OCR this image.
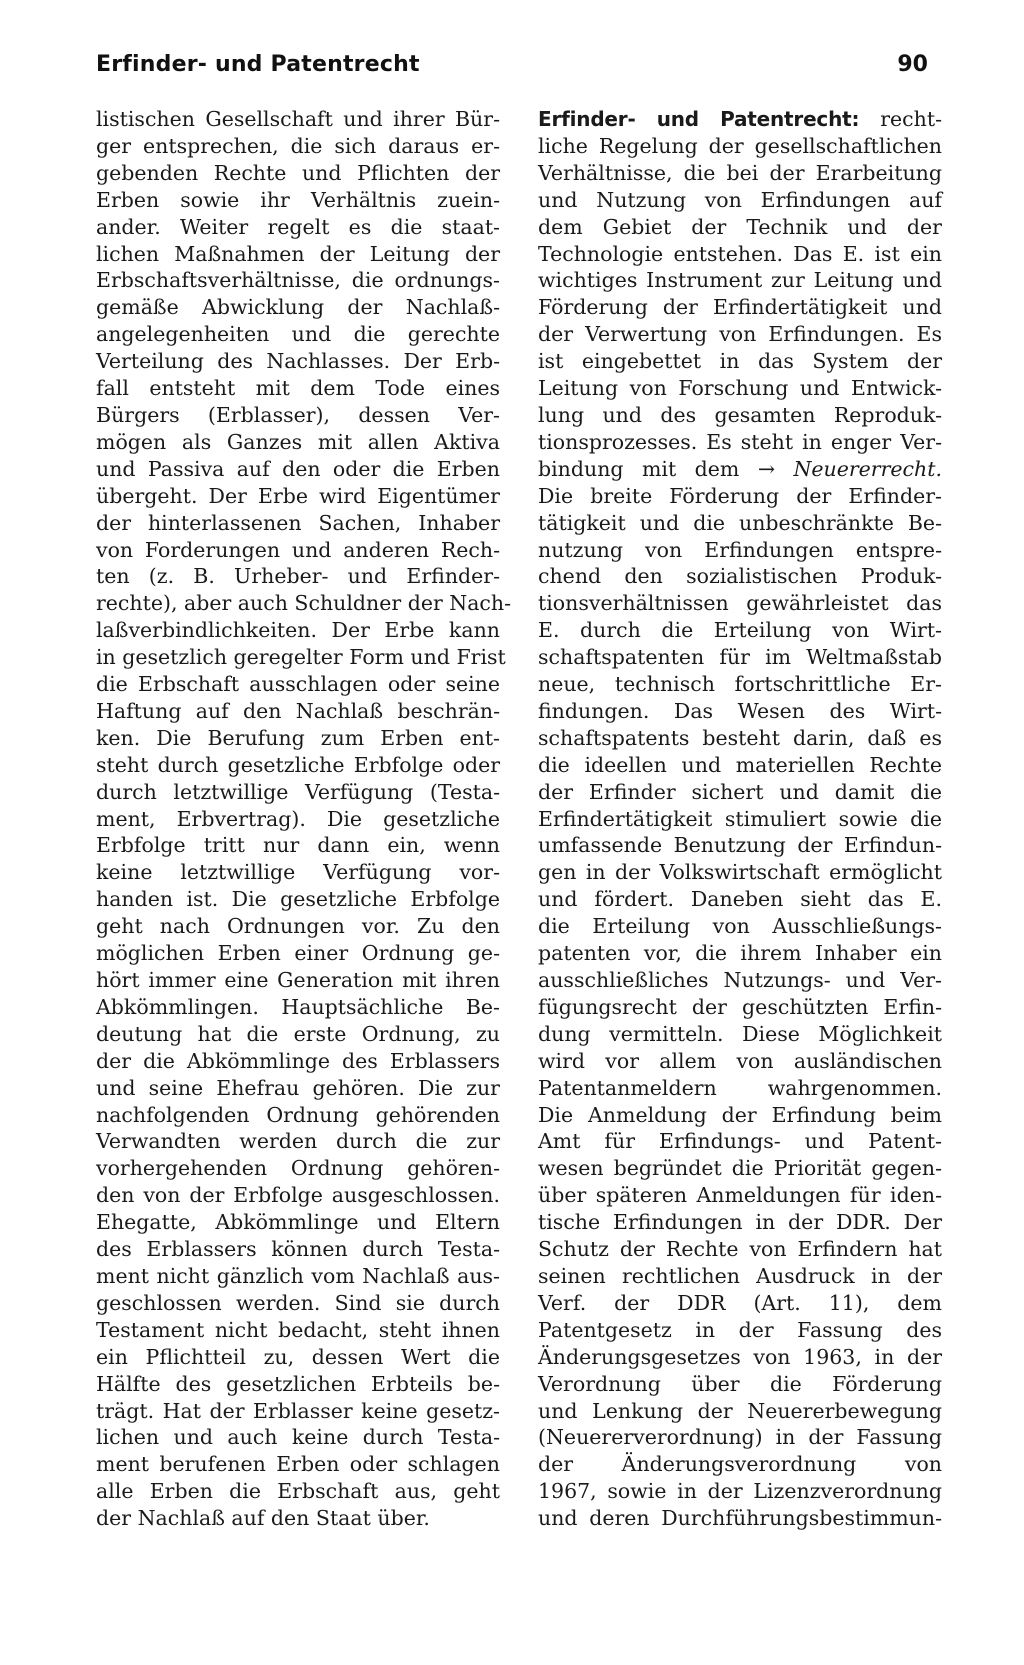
Erfinder- und Patentrecht	90
listischen Gesellschaft und ihrer Bür-
ger entsprechen, die sich daraus er-
gebenden Rechte und Pflichten der
Erben sowie ihr Verhältnis zuein-
ander. Weiter regelt es die staat-
lichen Maßnahmen der Leitung der
Erbschaftsverhältnisse, die ordnungs-
gemäße Abwicklung der Nachlaß-
angelegenheiten und die gerechte
Verteilung des Nachlasses. Der Erb-
fall entsteht mit dem Tode eines
Bürgers (Erblasser), dessen Ver-
mögen als Ganzes mit allen Aktiva
und Passiva auf den oder die Erben
übergeht. Der Erbe wird Eigentümer
der hinterlassenen Sachen, Inhaber
von Forderungen und anderen Rech-
ten (z. B. Urheber- und Erfinder-
rechte), aber auch Schuldner der Nach-
laßverbindlichkeiten. Der Erbe kann
in gesetzlich geregelter Form und Frist
die Erbschaft ausschlagen oder seine
Haftung auf den Nachlaß beschrän-
ken. Die Berufung zum Erben ent-
steht durch gesetzliche Erbfolge oder
durch letztwillige Verfügung (Testa-
ment, Erbvertrag). Die gesetzliche
Erbfolge tritt nur dann ein, wenn
keine letztwillige Verfügung vor-
handen ist. Die gesetzliche Erbfolge
geht nach Ordnungen vor. Zu den
möglichen Erben einer Ordnung ge-
hört immer eine Generation mit ihren
Abkömmlingen. Hauptsächliche Be-
deutung hat die erste Ordnung, zu
der die Abkömmlinge des Erblassers
und seine Ehefrau gehören. Die zur
nachfolgenden Ordnung gehörenden
Verwandten werden durch die zur
vorhergehenden Ordnung gehören-
den von der Erbfolge ausgeschlossen.
Ehegatte, Abkömmlinge und Eltern
des Erblassers können durch Testa-
ment nicht gänzlich vom Nachlaß aus-
geschlossen werden. Sind sie durch
Testament nicht bedacht, steht ihnen
ein Pflichtteil zu, dessen Wert die
Hälfte des gesetzlichen Erbteils be-
trägt. Hat der Erblasser keine gesetz-
lichen und auch keine durch Testa-
ment berufenen Erben oder schlagen
alle Erben die Erbschaft aus, geht
der Nachlaß auf den Staat über.
Erfinder- und Patentrecht: recht-
liche Regelung der gesellschaftlichen
Verhältnisse, die bei der Erarbeitung
und Nutzung von Erfindungen auf
dem Gebiet der Technik und der
Technologie entstehen. Das E. ist ein
wichtiges Instrument zur Leitung und
Förderung der Erfindertätigkeit und
der Verwertung von Erfindungen. Es
ist eingebettet in das System der
Leitung von Forschung und Entwick-
lung und des gesamten Reproduk-
tionsprozesses. Es steht in enger Ver-
bindung mit dem → Neuererrecht.
Die breite Förderung der Erfinder-
tätigkeit und die unbeschränkte Be-
nutzung von Erfindungen entspre-
chend den sozialistischen Produk-
tionsverhältnissen gewährleistet das
E. durch die Erteilung von Wirt-
schaftspatenten für im Weltmaßstab
neue, technisch fortschrittliche Er-
findungen. Das Wesen des Wirt-
schaftspatents besteht darin, daß es
die ideellen und materiellen Rechte
der Erfinder sichert und damit die
Erfindertätigkeit stimuliert sowie die
umfassende Benutzung der Erfindun-
gen in der Volkswirtschaft ermöglicht
und fördert. Daneben sieht das E.
die Erteilung von Ausschließungs-
patenten vor, die ihrem Inhaber ein
ausschließliches Nutzungs- und Ver-
fügungsrecht der geschützten Erfin-
dung vermitteln. Diese Möglichkeit
wird vor allem von ausländischen
Patentanmeldern wahrgenommen.
Die Anmeldung der Erfindung beim
Amt für Erfindungs- und Patent-
wesen begründet die Priorität gegen-
über späteren Anmeldungen für iden-
tische Erfindungen in der DDR. Der
Schutz der Rechte von Erfindern hat
seinen rechtlichen Ausdruck in der
Verf. der DDR (Art. 11), dem
Patentgesetz in der Fassung des
Änderungsgesetzes von 1963, in der
Verordnung über die Förderung
und Lenkung der Neuererbewegung
(Neuererverordnung) in der Fassung
der Änderungsverordnung von
1967, sowie in der Lizenzverordnung
und deren Durchführungsbestimmun-
